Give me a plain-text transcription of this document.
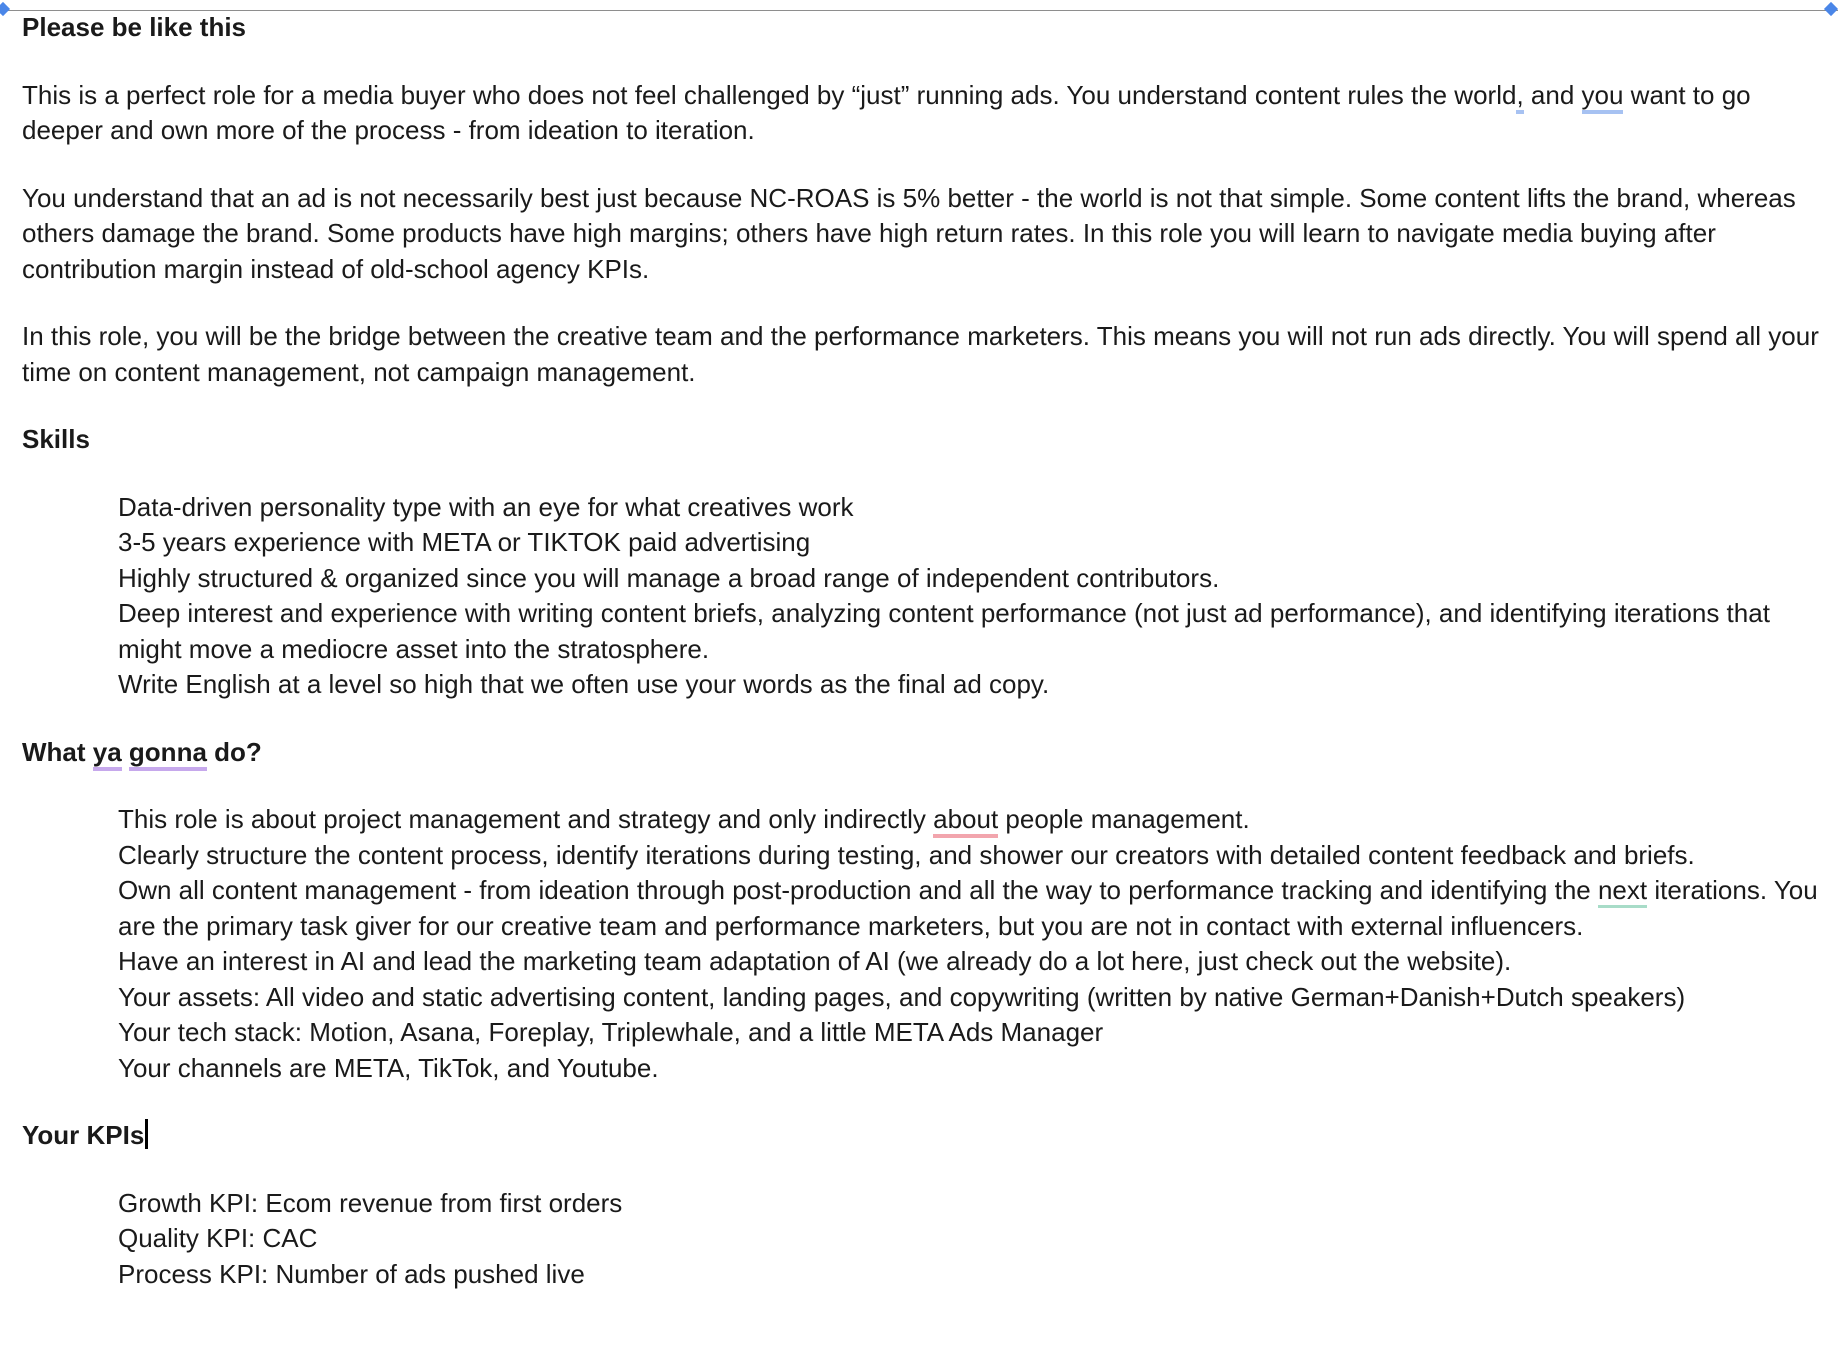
Please be like this

This is a perfect role for a media buyer who does not feel challenged by “just” running ads. You understand content rules the world, and you want to go deeper and own more of the process - from ideation to iteration.

You understand that an ad is not necessarily best just because NC-ROAS is 5% better - the world is not that simple. Some content lifts the brand, whereas others damage the brand. Some products have high margins; others have high return rates. In this role you will learn to navigate media buying after contribution margin instead of old-school agency KPIs.

In this role, you will be the bridge between the creative team and the performance marketers. This means you will not run ads directly. You will spend all your time on content management, not campaign management.

Skills

Data-driven personality type with an eye for what creatives work

3-5 years experience with META or TIKTOK paid advertising

Highly structured & organized since you will manage a broad range of independent contributors.

Deep interest and experience with writing content briefs, analyzing content performance (not just ad performance), and identifying iterations that might move a mediocre asset into the stratosphere.

Write English at a level so high that we often use your words as the final ad copy.

What ya gonna do?

This role is about project management and strategy and only indirectly about people management.

Clearly structure the content process, identify iterations during testing, and shower our creators with detailed content feedback and briefs.

Own all content management - from ideation through post-production and all the way to performance tracking and identifying the next iterations. You are the primary task giver for our creative team and performance marketers, but you are not in contact with external influencers.

Have an interest in AI and lead the marketing team adaptation of AI (we already do a lot here, just check out the website).

Your assets: All video and static advertising content, landing pages, and copywriting (written by native German+Danish+Dutch speakers)

Your tech stack: Motion, Asana, Foreplay, Triplewhale, and a little META Ads Manager

Your channels are META, TikTok, and Youtube.

Your KPIs

Growth KPI: Ecom revenue from first orders

Quality KPI: CAC

Process KPI: Number of ads pushed live
